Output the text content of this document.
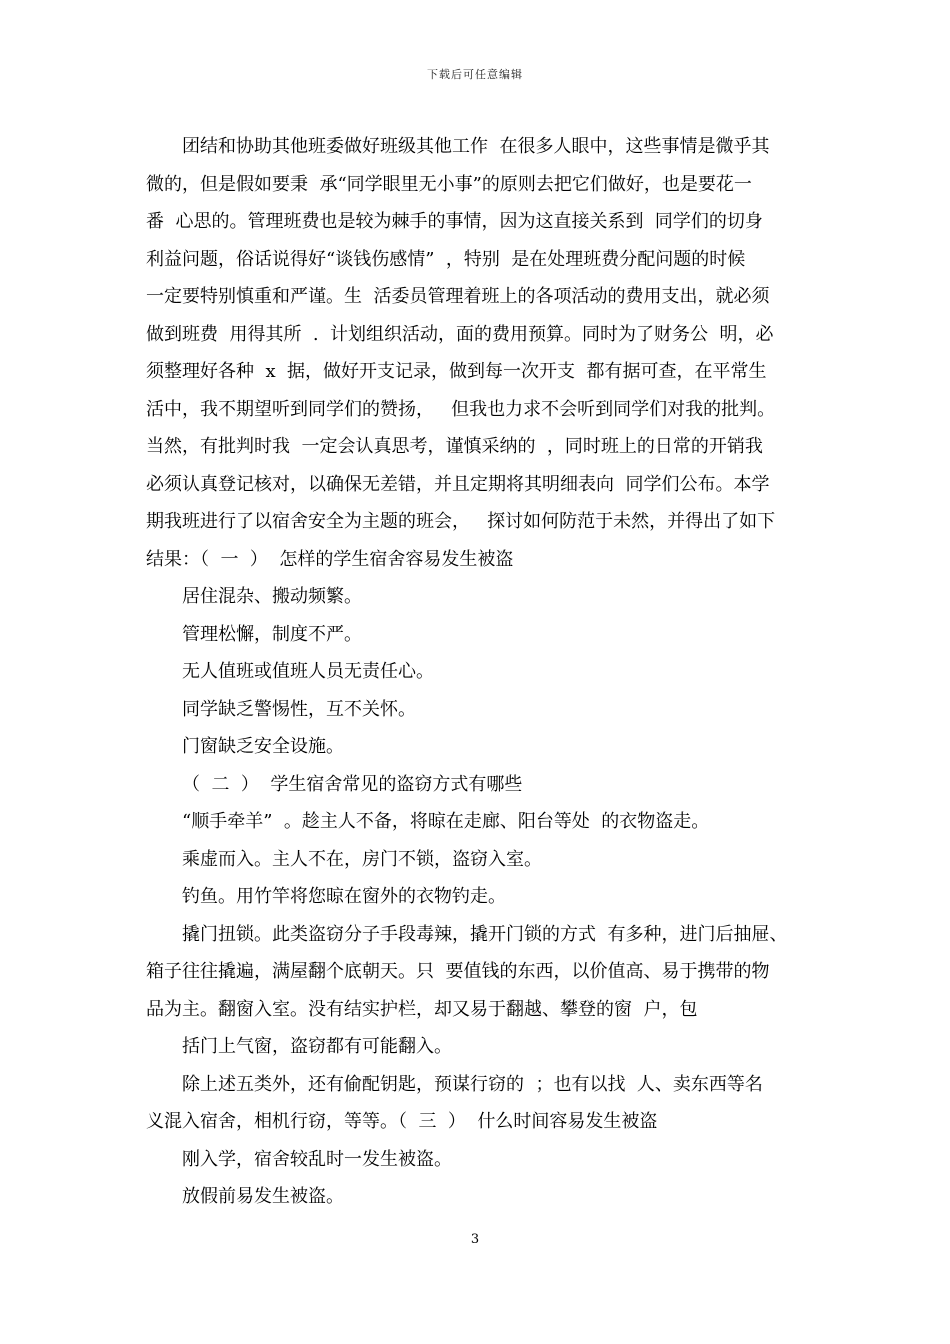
下载后可任意编辑
团结和协助其他班委做好班级其他工作  在很多人眼中，这些事情是微乎其
微的，但是假如要秉  承“同学眼里无小事”的原则去把它们做好，也是要花一
番  心思的。管理班费也是较为棘手的事情，因为这直接关系到  同学们的切身
利益问题，俗话说得好“谈钱伤感情”  ，特别  是在处理班费分配问题的时候
一定要特别慎重和严谨。生  活委员管理着班上的各项活动的费用支出，就必须
做到班费  用得其所  .  计划组织活动，面的费用预算。同时为了财务公  明，必
须整理好各种  x  据，做好开支记录，做到每一次开支  都有据可查，在平常生
活中，我不期望听到同学们的赞扬，   但我也力求不会听到同学们对我的批判。
当然，有批判时我  一定会认真思考，谨慎采纳的  ，同时班上的日常的开销我
必须认真登记核对，以确保无差错，并且定期将其明细表向  同学们公布。本学
期我班进行了以宿舍安全为主题的班会，   探讨如何防范于未然，并得出了如下
结果：（  一  ）  怎样的学生宿舍容易发生被盗
居住混杂、搬动频繁。
管理松懈，制度不严。
无人值班或值班人员无责任心。
同学缺乏警惕性，互不关怀。
门窗缺乏安全设施。
（  二  ）  学生宿舍常见的盗窃方式有哪些
“顺手牵羊”  。趁主人不备，将晾在走廊、阳台等处  的衣物盗走。
乘虚而入。主人不在，房门不锁，盗窃入室。
钓鱼。用竹竿将您晾在窗外的衣物钓走。
撬门扭锁。此类盗窃分子手段毒辣，撬开门锁的方式  有多种，进门后抽屉、
箱子往往撬遍，满屋翻个底朝天。只  要值钱的东西，以价值高、易于携带的物
品为主。翻窗入室。没有结实护栏，却又易于翻越、攀登的窗  户，包
括门上气窗，盗窃都有可能翻入。
除上述五类外，还有偷配钥匙，预谋行窃的  ；也有以找  人、卖东西等名
义混入宿舍，相机行窃，等等。（  三  ）  什么时间容易发生被盗
刚入学，宿舍较乱时一发生被盗。
放假前易发生被盗。
3
